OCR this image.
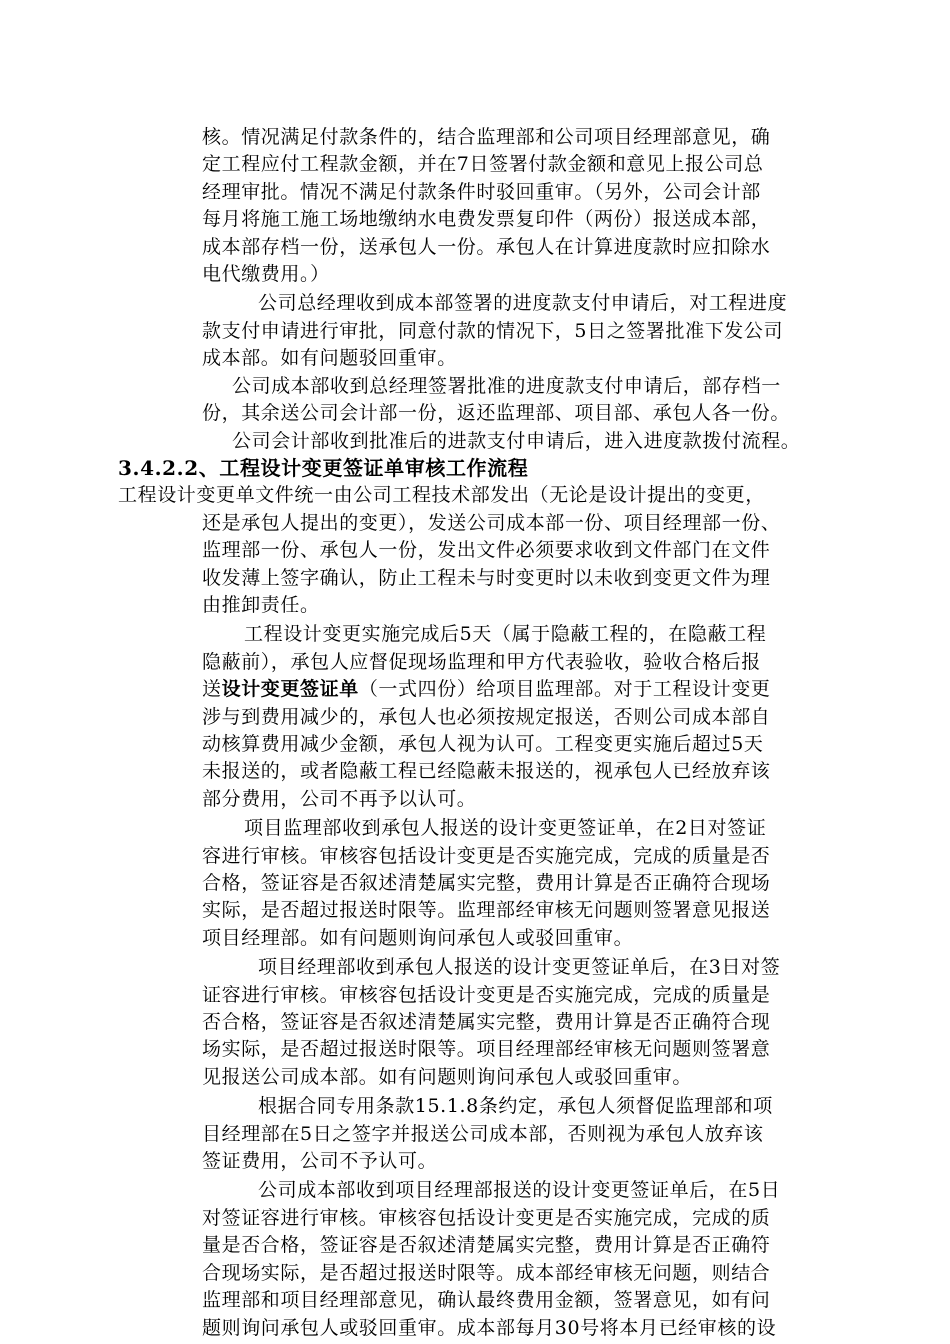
核。情况满足付款条件的，结合监理部和公司项目经理部意见，确
定工程应付工程款金额，并在7日签署付款金额和意见上报公司总
经理审批。情况不满足付款条件时驳回重审。（另外，公司会计部
每月将施工施工场地缴纳水电费发票复印件（两份）报送成本部，
成本部存档一份，送承包人一份。承包人在计算进度款时应扣除水
电代缴费用。）
公司总经理收到成本部签署的进度款支付申请后，对工程进度
款支付申请进行审批，同意付款的情况下，5日之签署批准下发公司
成本部。如有问题驳回重审。
公司成本部收到总经理签署批准的进度款支付申请后，部存档一
份，其余送公司会计部一份，返还监理部、项目部、承包人各一份。
公司会计部收到批准后的进款支付申请后，进入进度款拨付流程。
3.4.2.2、工程设计变更签证单审核工作流程
工程设计变更单文件统一由公司工程技术部发出（无论是设计提出的变更，
还是承包人提出的变更），发送公司成本部一份、项目经理部一份、
监理部一份、承包人一份，发出文件必须要求收到文件部门在文件
收发薄上签字确认，防止工程未与时变更时以未收到变更文件为理
由推卸责任。
工程设计变更实施完成后5天（属于隐蔽工程的，在隐蔽工程
隐蔽前），承包人应督促现场监理和甲方代表验收，验收合格后报
送设计变更签证单（一式四份）给项目监理部。对于工程设计变更
涉与到费用减少的，承包人也必须按规定报送，否则公司成本部自
动核算费用减少金额，承包人视为认可。工程变更实施后超过5天
未报送的，或者隐蔽工程已经隐蔽未报送的，视承包人已经放弃该
部分费用，公司不再予以认可。
项目监理部收到承包人报送的设计变更签证单，在2日对签证
容进行审核。审核容包括设计变更是否实施完成，完成的质量是否
合格，签证容是否叙述清楚属实完整，费用计算是否正确符合现场
实际，是否超过报送时限等。监理部经审核无问题则签署意见报送
项目经理部。如有问题则询问承包人或驳回重审。
项目经理部收到承包人报送的设计变更签证单后，在3日对签
证容进行审核。审核容包括设计变更是否实施完成，完成的质量是
否合格，签证容是否叙述清楚属实完整，费用计算是否正确符合现
场实际，是否超过报送时限等。项目经理部经审核无问题则签署意
见报送公司成本部。如有问题则询问承包人或驳回重审。
根据合同专用条款15.1.8条约定，承包人须督促监理部和项
目经理部在5日之签字并报送公司成本部，否则视为承包人放弃该
签证费用，公司不予认可。
公司成本部收到项目经理部报送的设计变更签证单后，在5日
对签证容进行审核。审核容包括设计变更是否实施完成，完成的质
量是否合格，签证容是否叙述清楚属实完整，费用计算是否正确符
合现场实际，是否超过报送时限等。成本部经审核无问题，则结合
监理部和项目经理部意见，确认最终费用金额，签署意见，如有问
题则询问承包人或驳回重审。成本部每月30号将本月已经审核的设
